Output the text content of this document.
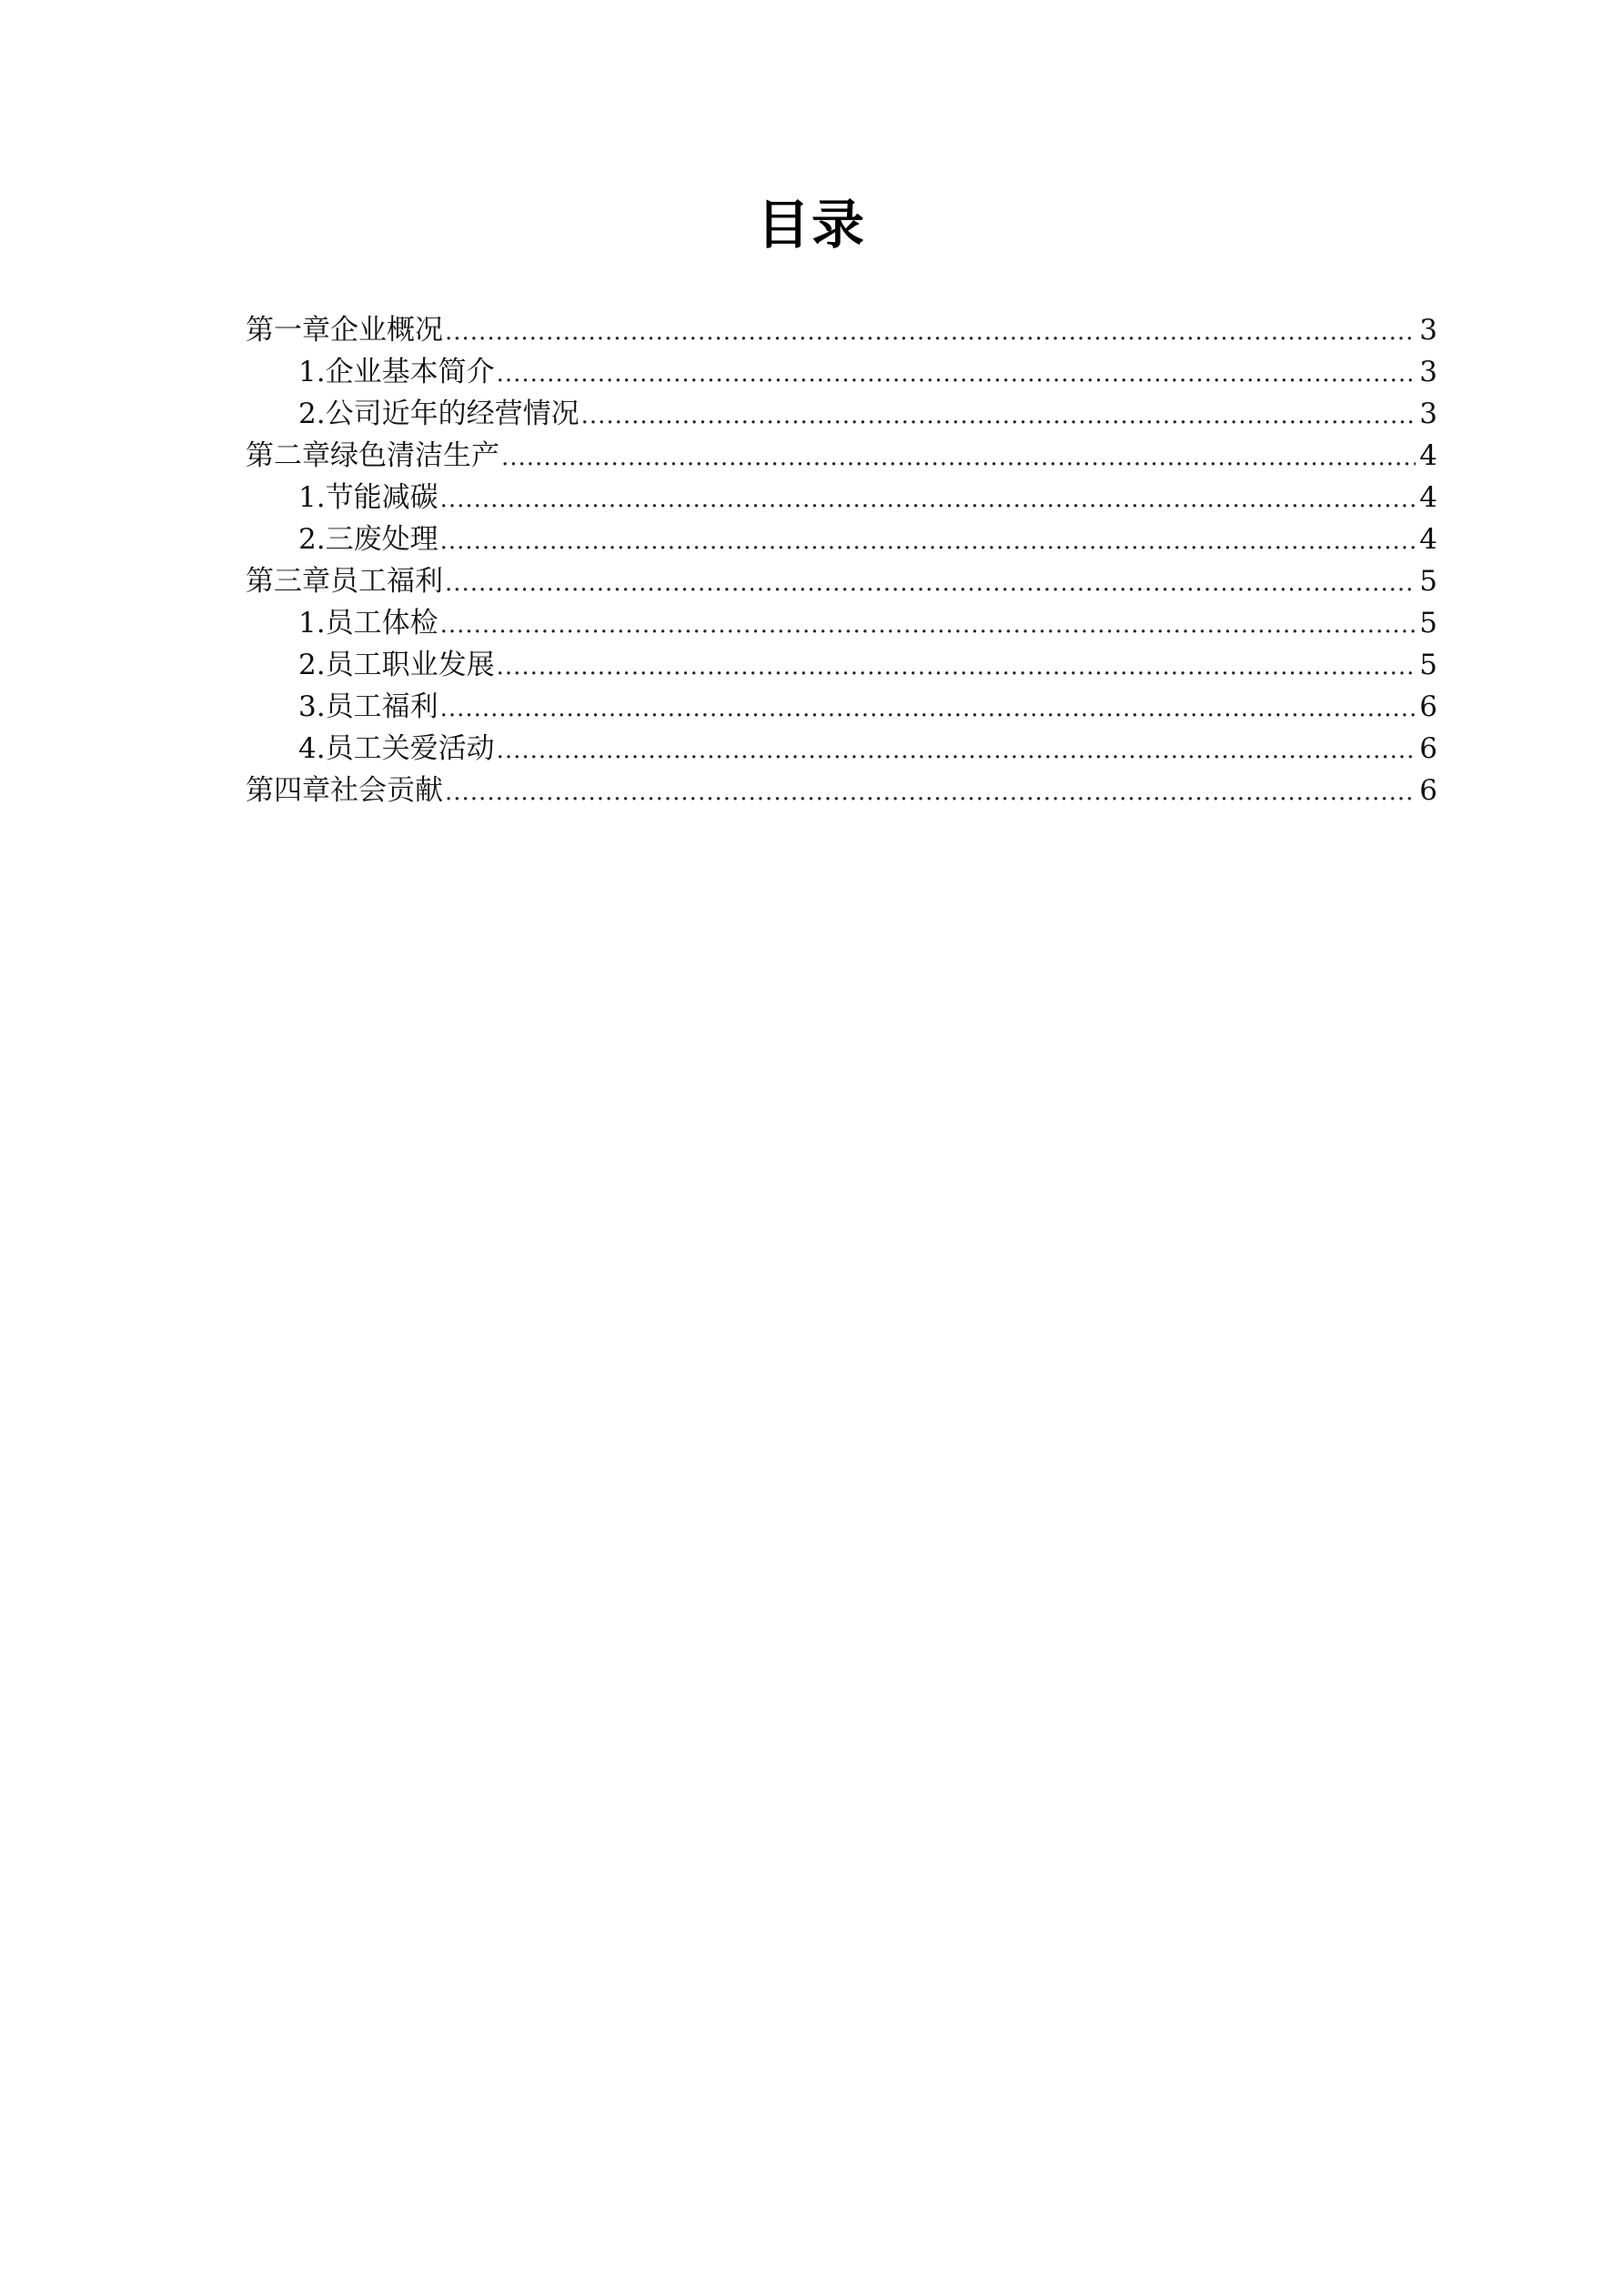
目录
第一章企业概况 .....	3
1.企业基本简介 .....	3
2.公司近年的经营情况 .....	3
第二章绿色清洁生产 .....	4
1.节能减碳 .....	4
2.三废处理 .....	4
第三章员工福利 .....	5
1.员工体检 .....	5
2.员工职业发展 .....	5
3.员工福利 .....	6
4.员工关爱活动 .....	6
第四章社会贡献 .....	6
